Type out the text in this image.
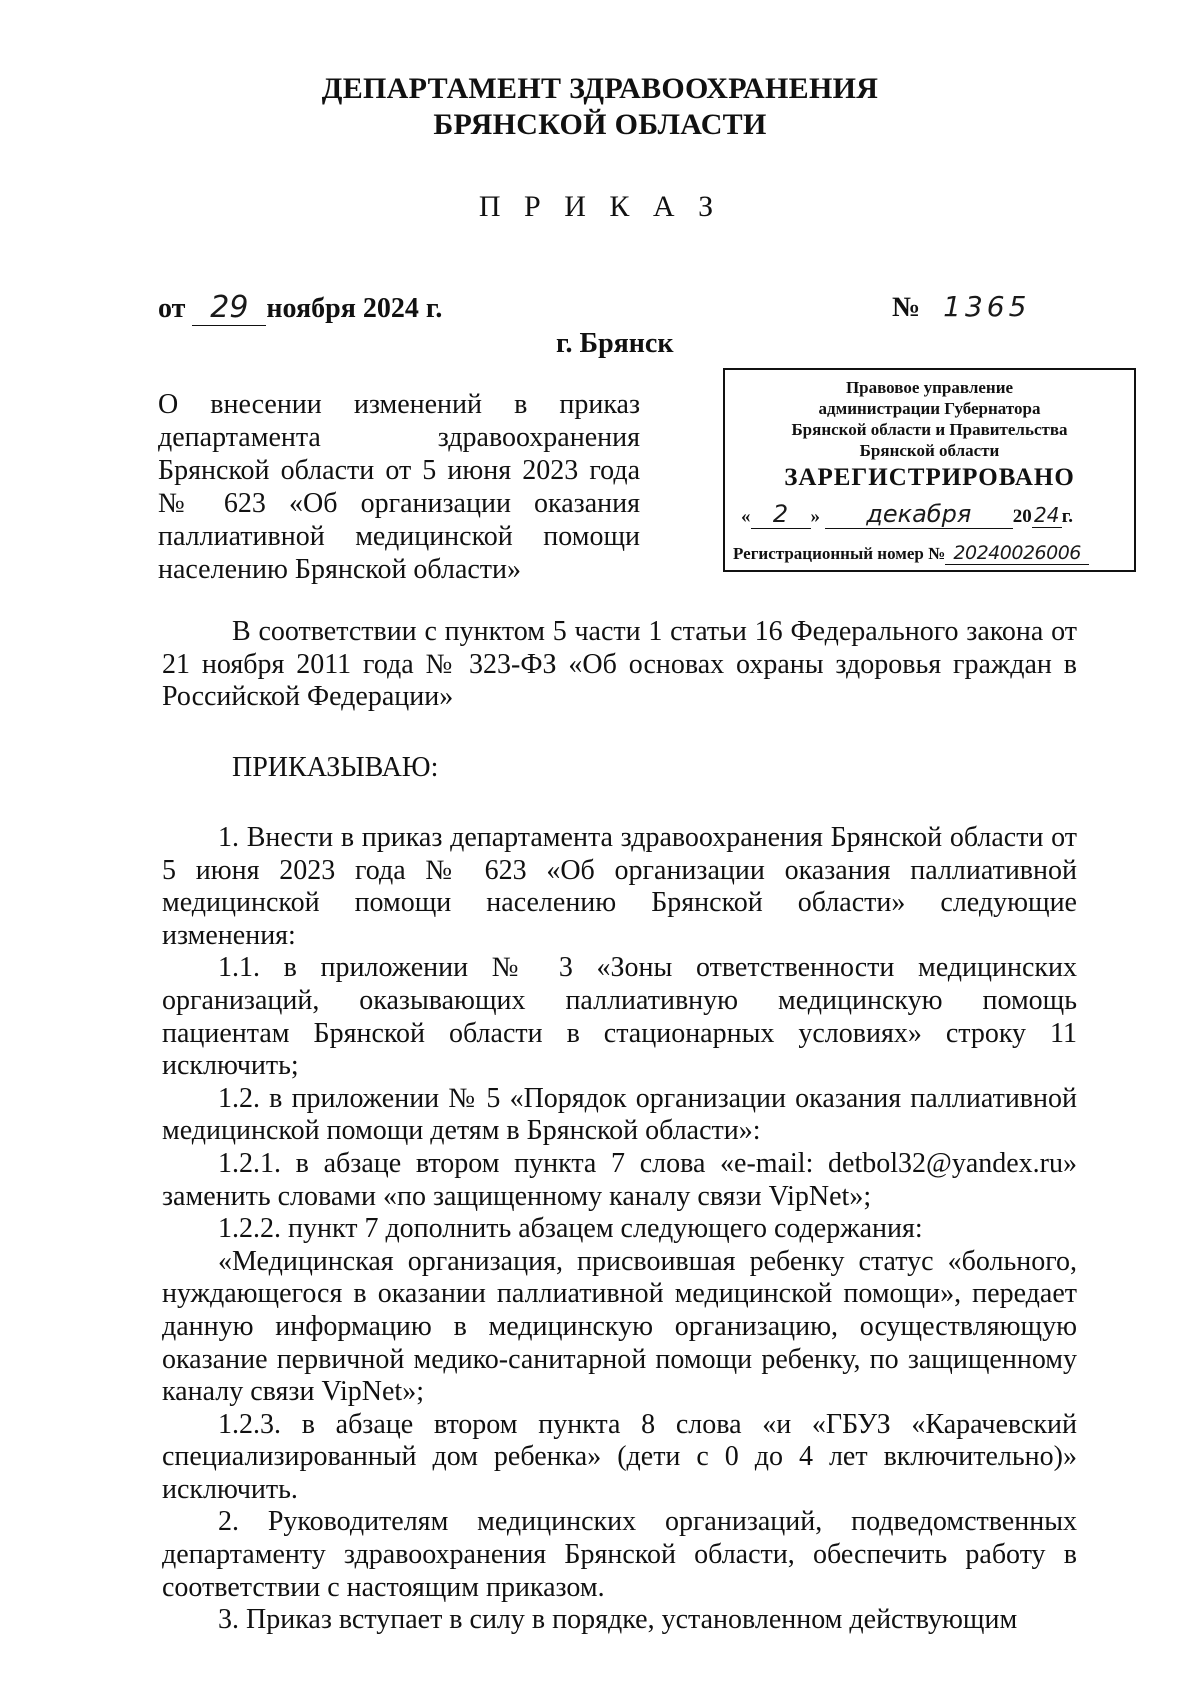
ДЕПАРТАМЕНТ ЗДРАВООХРАНЕНИЯ
БРЯНСКОЙ ОБЛАСТИ
П Р И К А З
от 29 ноября 2024 г.	№ 1365
г. Брянск
О внесении изменений в приказ департамента здравоохранения Брянской области от 5 июня 2023 года № 623 «Об организации оказания паллиативной медицинской помощи населению Брянской области»
Правовое управление
администрации Губернатора
Брянской области и Правительства
Брянской области
ЗАРЕГИСТРИРОВАНО
« 2 » декабря 20 24 г.
Регистрационный номер № 20240026006

В соответствии с пунктом 5 части 1 статьи 16 Федерального закона от 21 ноября 2011 года № 323-ФЗ «Об основах охраны здоровья граждан в Российской Федерации»

ПРИКАЗЫВАЮ:

1. Внести в приказ департамента здравоохранения Брянской области от 5 июня 2023 года № 623 «Об организации оказания паллиативной медицинской помощи населению Брянской области» следующие изменения:

1.1. в приложении № 3 «Зоны ответственности медицинских организаций, оказывающих паллиативную медицинскую помощь пациентам Брянской области в стационарных условиях» строку 11 исключить;

1.2. в приложении № 5 «Порядок организации оказания паллиативной медицинской помощи детям в Брянской области»:

1.2.1. в абзаце втором пункта 7 слова «e-mail: detbol32@yandex.ru» заменить словами «по защищенному каналу связи VipNet»;

1.2.2. пункт 7 дополнить абзацем следующего содержания:

«Медицинская организация, присвоившая ребенку статус «больного, нуждающегося в оказании паллиативной медицинской помощи», передает данную информацию в медицинскую организацию, осуществляющую оказание первичной медико-санитарной помощи ребенку, по защищенному каналу связи VipNet»;

1.2.3. в абзаце втором пункта 8 слова «и «ГБУЗ «Карачевский специализированный дом ребенка» (дети с 0 до 4 лет включительно)» исключить.

2. Руководителям медицинских организаций, подведомственных департаменту здравоохранения Брянской области, обеспечить работу в соответствии с настоящим приказом.

3. Приказ вступает в силу в порядке, установленном действующим
